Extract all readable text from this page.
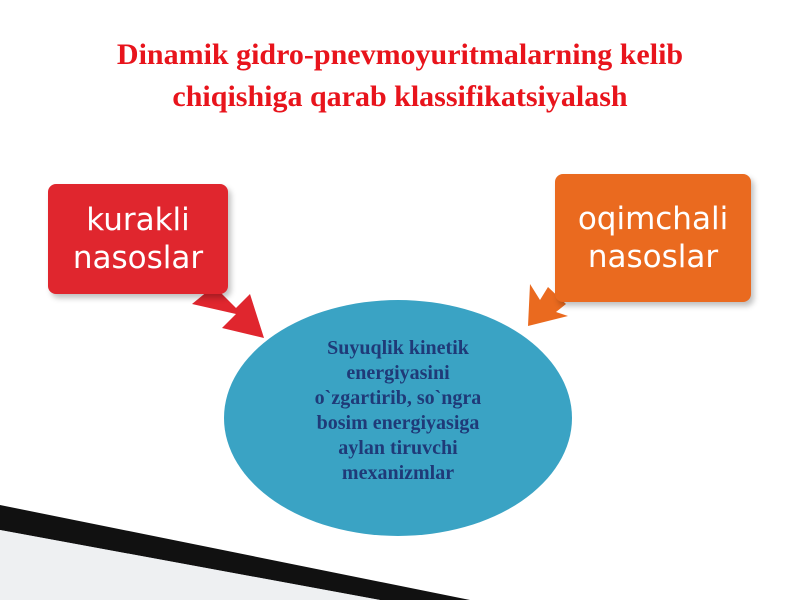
Dinamik gidro-pnevmoyuritmalarning kelib
chiqishiga qarab klassifikatsiyalash
kurakli
nasoslar
oqimchali
nasoslar
Suyuqlik kinetik
energiyasini
o`zgartirib, so`ngra
bosim energiyasiga
aylan tiruvchi
mexanizmlar
